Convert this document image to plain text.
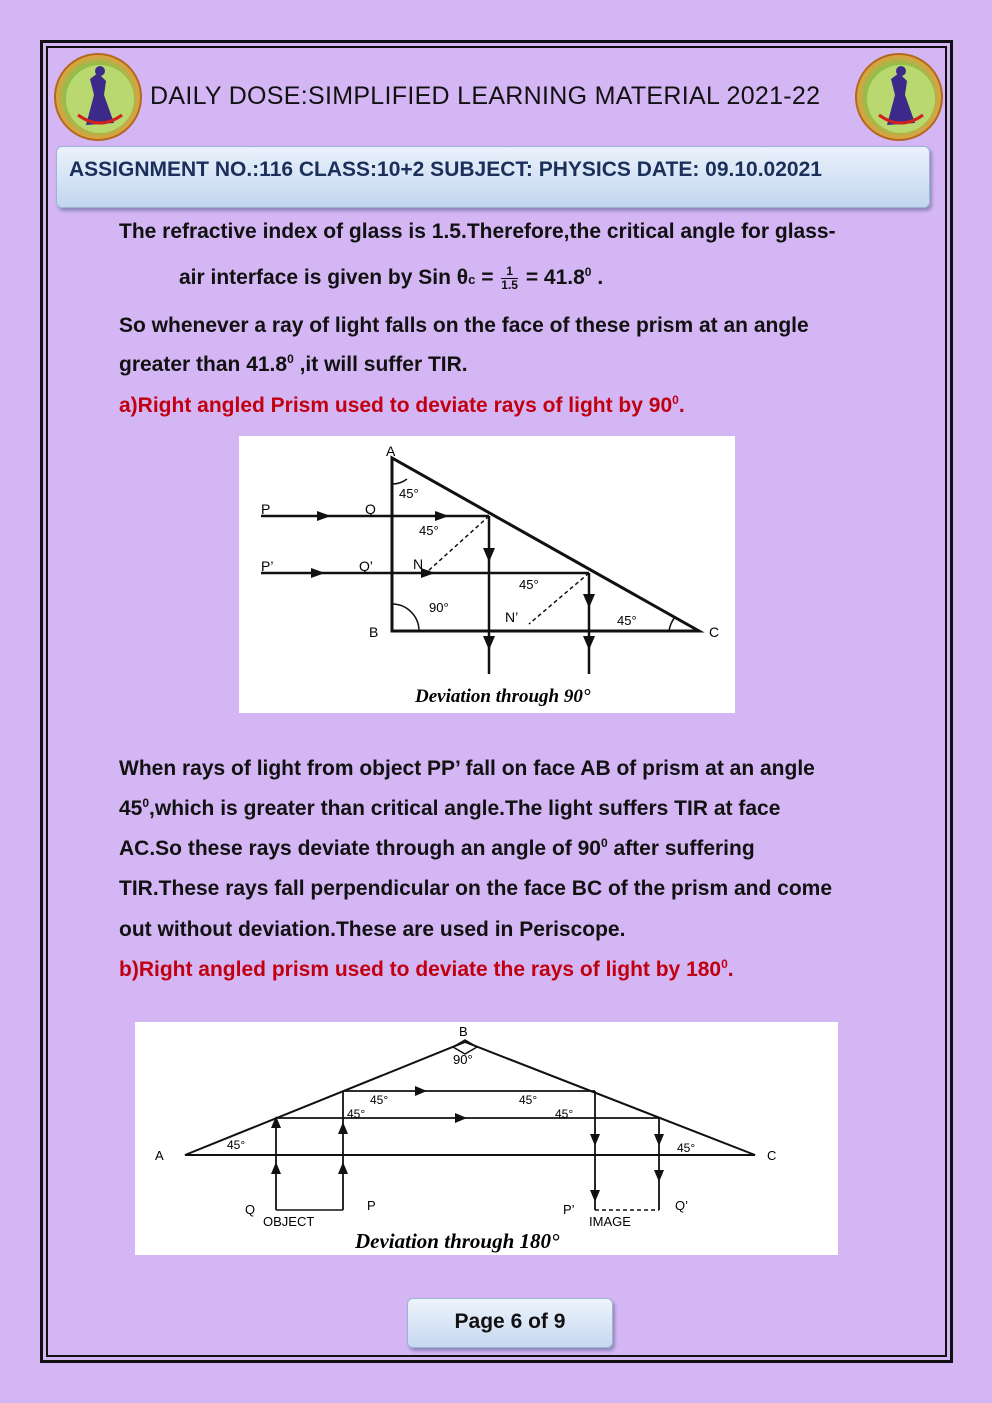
DAILY DOSE:SIMPLIFIED LEARNING MATERIAL 2021-22
ASSIGNMENT NO.:116 CLASS:10+2 SUBJECT: PHYSICS DATE: 09.10.02021
The refractive index of glass is 1.5.Therefore,the critical angle for glass-
air interface is given by Sin $\theta c = \frac{1}{1.5} = 41.8^0$ .
So whenever a ray of light falls on the face of these prism at an angle
greater than 41.8$^0$ ,it will suffer TIR.
a)Right angled Prism used to deviate rays of light by $90^0$.
A
B	C
P
P’
Q
Q’	N
N’
45°
45°
45°
90°
45°
Deviation through 90°
When rays of light from object PP’ fall on face AB of prism at an angle
$45^0,which$ is greater than critical angle.The light suffers TIR at face
AC.So these rays deviate through an angle of $90^0$ after suffering
TIR.These rays fall perpendicular on the face BC of the prism and come
out without deviation.These are used in Periscope.
b)Right angled prism used to deviate the rays of light by $180^0$.
B
90°
A	C
45°	45°
45°
45°
45°
45°
Q	P	P’	Q’
OBJECT	IMAGE
Deviation through 180°
Page 6 of 9
